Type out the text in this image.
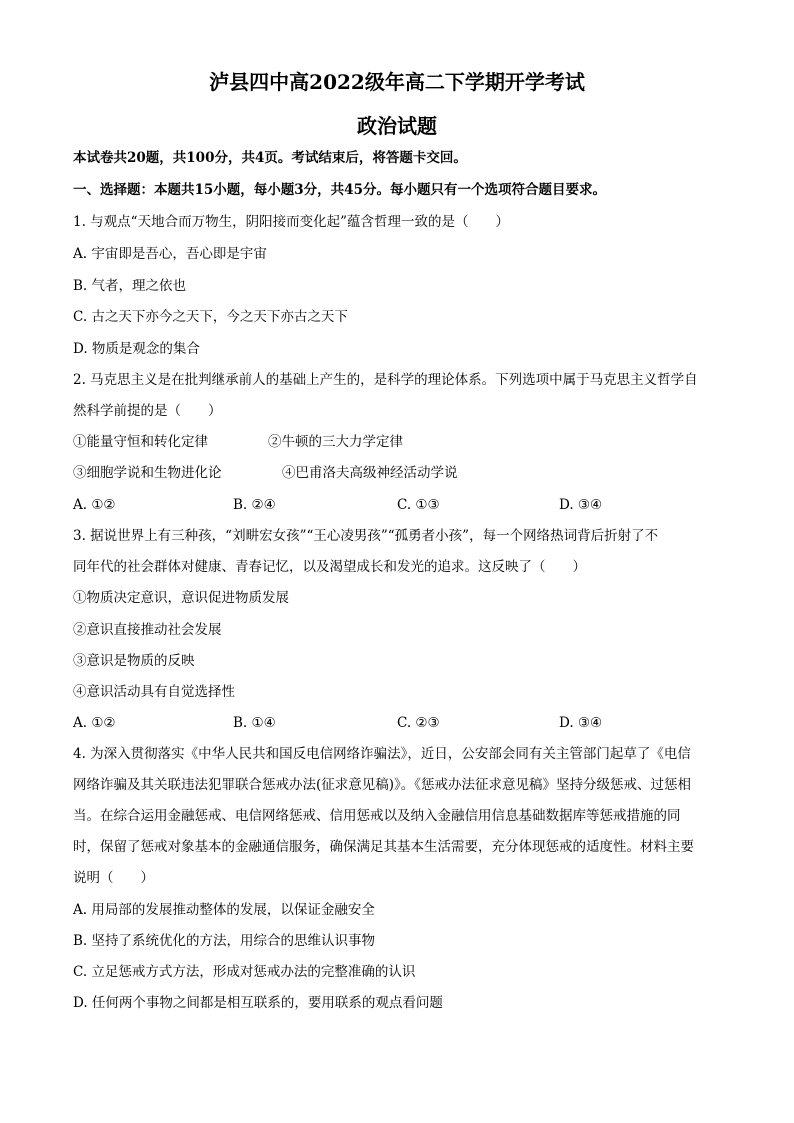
泸县四中高2022级年高二下学期开学考试
政治试题
本试卷共20题，共100分，共4页。考试结束后，将答题卡交回。
一、选择题：本题共15小题，每小题3分，共45分。每小题只有一个选项符合题目要求。
1. 与观点“天地合而万物生，阴阳接而变化起”蕴含哲理一致的是（　　）
A. 宇宙即是吾心，吾心即是宇宙
B. 气者，理之依也
C. 古之天下亦今之天下，今之天下亦古之天下
D. 物质是观念的集合
2. 马克思主义是在批判继承前人的基础上产生的，是科学的理论体系。下列选项中属于马克思主义哲学自
然科学前提的是（　　）
①能量守恒和转化定律	②牛顿的三大力学定律
③细胞学说和生物进化论	④巴甫洛夫高级神经活动学说
A. ①②	B. ②④	C. ①③	D. ③④
3. 据说世界上有三种孩，“刘畊宏女孩”“王心凌男孩”“孤勇者小孩”，每一个网络热词背后折射了不
同年代的社会群体对健康、青春记忆，以及渴望成长和发光的追求。这反映了（　　）
①物质决定意识，意识促进物质发展
②意识直接推动社会发展
③意识是物质的反映
④意识活动具有自觉选择性
A. ①②	B. ①④	C. ②③	D. ③④
4. 为深入贯彻落实《中华人民共和国反电信网络诈骗法》，近日，公安部会同有关主管部门起草了《电信
网络诈骗及其关联违法犯罪联合惩戒办法(征求意见稿)》。《惩戒办法征求意见稿》坚持分级惩戒、过惩相
当。在综合运用金融惩戒、电信网络惩戒、信用惩戒以及纳入金融信用信息基础数据库等惩戒措施的同
时，保留了惩戒对象基本的金融通信服务，确保满足其基本生活需要，充分体现惩戒的适度性。材料主要
说明（　　）
A. 用局部的发展推动整体的发展，以保证金融安全
B. 坚持了系统优化的方法，用综合的思维认识事物
C. 立足惩戒方式方法，形成对惩戒办法的完整准确的认识
D. 任何两个事物之间都是相互联系的，要用联系的观点看问题
